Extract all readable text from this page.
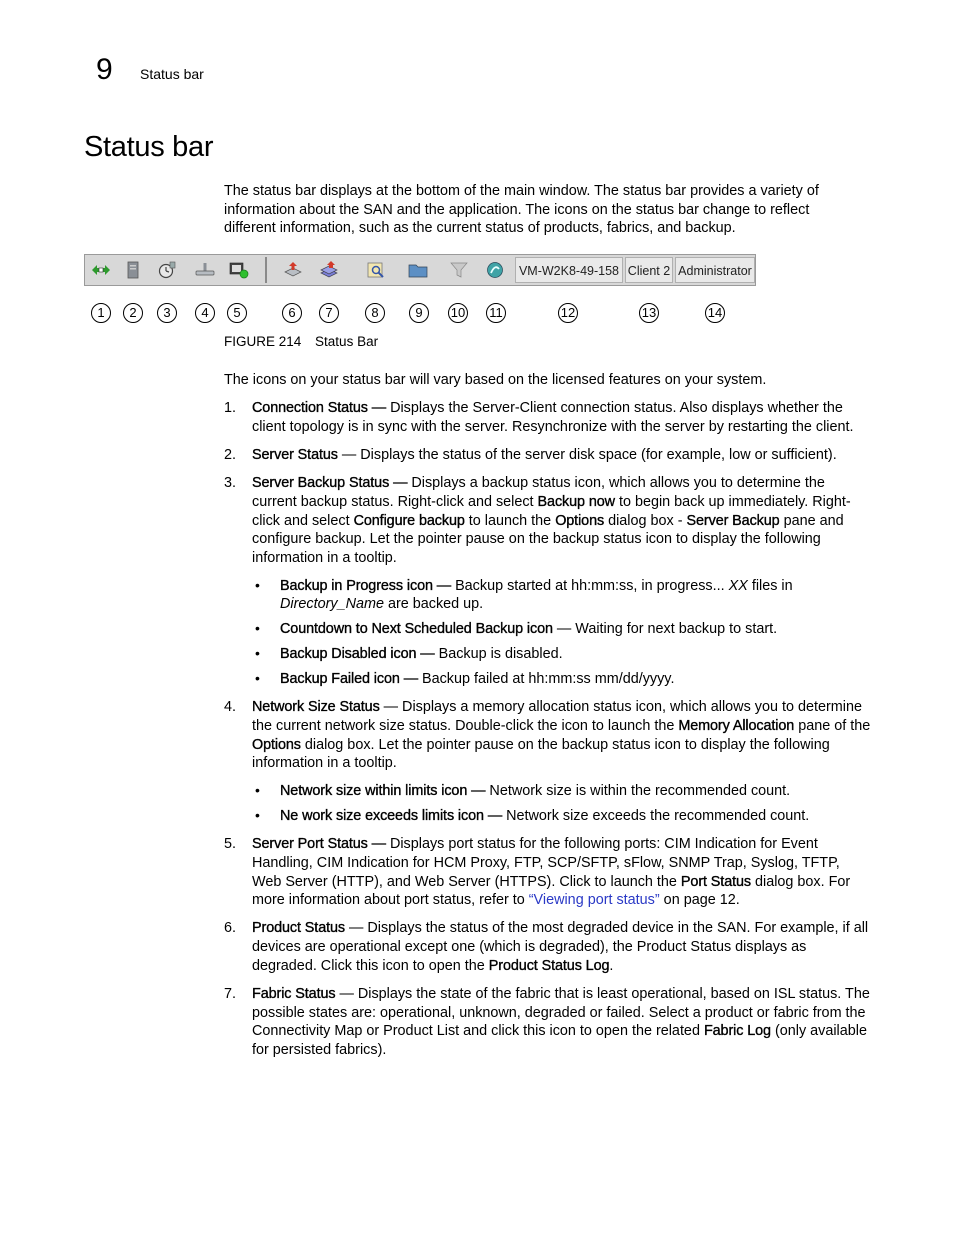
9 Status bar
Status bar

The status bar displays at the bottom of the main window. The status bar provides a variety of information about the SAN and the application. The icons on the status bar change to reflect different information, such as the current status of products, fabrics, and backup.

VM-W2K8-49-158 Client 2 Administrator
1	2	3	4	5	6	7	8	9	10 11	12	13	14
FIGURE 214 Status Bar

The icons on your status bar will vary based on the licensed features on your system.

1. Connection Status — Displays the Server-Client connection status. Also displays whether the client topology is in sync with the server. Resynchronize with the server by restarting the client.
2. Server Status — Displays the status of the server disk space (for example, low or sufficient).
3. Server Backup Status — Displays a backup status icon, which allows you to determine the current backup status. Right-click and select Backup now to begin back up immediately. Right-click and select Configure backup to launch the Options dialog box - Server Backup pane and configure backup. Let the pointer pause on the backup status icon to display the following information in a tooltip.
• Backup in Progress icon — Backup started at hh:mm:ss, in progress... XX files in Directory_Name are backed up.
• Countdown to Next Scheduled Backup icon — Waiting for next backup to start.
• Backup Disabled icon — Backup is disabled.
• Backup Failed icon — Backup failed at hh:mm:ss mm/dd/yyyy.
4. Network Size Status — Displays a memory allocation status icon, which allows you to determine the current network size status. Double-click the icon to launch the Memory Allocation pane of the Options dialog box. Let the pointer pause on the backup status icon to display the following information in a tooltip.
• Network size within limits icon — Network size is within the recommended count.
• Ne work size exceeds limits icon — Network size exceeds the recommended count.
5. Server Port Status — Displays port status for the following ports: CIM Indication for Event Handling, CIM Indication for HCM Proxy, FTP, SCP/SFTP, sFlow, SNMP Trap, Syslog, TFTP, Web Server (HTTP), and Web Server (HTTPS). Click to launch the Port Status dialog box. For more information about port status, refer to “Viewing port status” on page 12.
6. Product Status — Displays the status of the most degraded device in the SAN. For example, if all devices are operational except one (which is degraded), the Product Status displays as degraded. Click this icon to open the Product Status Log.
7. Fabric Status — Displays the state of the fabric that is least operational, based on ISL status. The possible states are: operational, unknown, degraded or failed. Select a product or fabric from the Connectivity Map or Product List and click this icon to open the related Fabric Log (only available for persisted fabrics).
